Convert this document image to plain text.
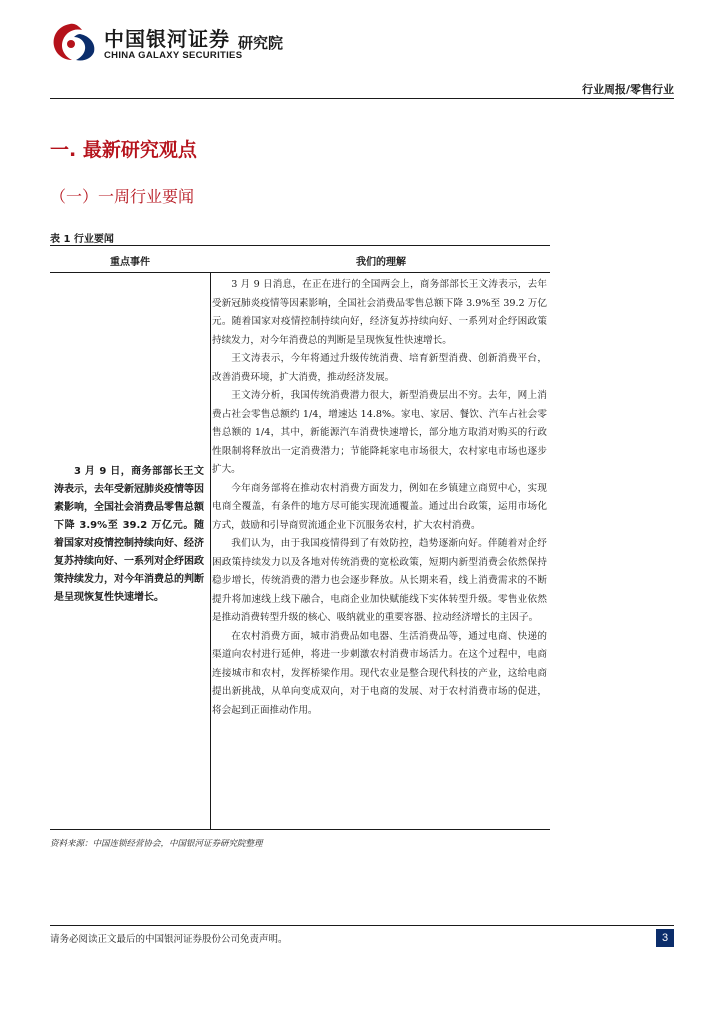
中国银河证券
CHINA GALAXY SECURITIES
研究院
行业周报/零售行业
一. 最新研究观点
（一）一周行业要闻
表 1 行业要闻
重点事件	我们的理解

3 月 9 日，商务部部长王文涛表示，去年受新冠肺炎疫情等因素影响，全国社会消费品零售总额下降 3.9%至 39.2 万亿元。随着国家对疫情控制持续向好、经济复苏持续向好、一系列对企纾困政策持续发力，对今年消费总的判断是呈现恢复性快速增长。

3 月 9 日消息，在正在进行的全国两会上，商务部部长王文涛表示，去年受新冠肺炎疫情等因素影响，全国社会消费品零售总额下降 3.9%至 39.2 万亿元。随着国家对疫情控制持续向好，经济复苏持续向好、一系列对企纾困政策持续发力，对今年消费总的判断是呈现恢复性快速增长。

王文涛表示，今年将通过升级传统消费、培育新型消费、创新消费平台，改善消费环境，扩大消费，推动经济发展。

王文涛分析，我国传统消费潜力很大，新型消费层出不穷。去年，网上消费占社会零售总额约 1/4，增速达 14.8%。家电、家居、餐饮、汽车占社会零售总额的 1/4，其中，新能源汽车消费快速增长，部分地方取消对购买的行政性限制将释放出一定消费潜力；节能降耗家电市场很大，农村家电市场也逐步扩大。

今年商务部将在推动农村消费方面发力，例如在乡镇建立商贸中心，实现电商全覆盖，有条件的地方尽可能实现流通覆盖。通过出台政策，运用市场化方式，鼓励和引导商贸流通企业下沉服务农村，扩大农村消费。

我们认为，由于我国疫情得到了有效防控，趋势逐渐向好。伴随着对企纾困政策持续发力以及各地对传统消费的宽松政策，短期内新型消费会依然保持稳步增长，传统消费的潜力也会逐步释放。从长期来看，线上消费需求的不断提升将加速线上线下融合，电商企业加快赋能线下实体转型升级。零售业依然是推动消费转型升级的核心、吸纳就业的重要容器、拉动经济增长的主因子。

在农村消费方面，城市消费品如电器、生活消费品等，通过电商、快递的渠道向农村进行延伸，将进一步刺激农村消费市场活力。在这个过程中，电商连接城市和农村，发挥桥梁作用。现代农业是整合现代科技的产业，这给电商提出新挑战，从单向变成双向，对于电商的发展、对于农村消费市场的促进，将会起到正面推动作用。

资料来源：中国连锁经营协会，中国银河证券研究院整理
请务必阅读正文最后的中国银河证券股份公司免责声明。	3
